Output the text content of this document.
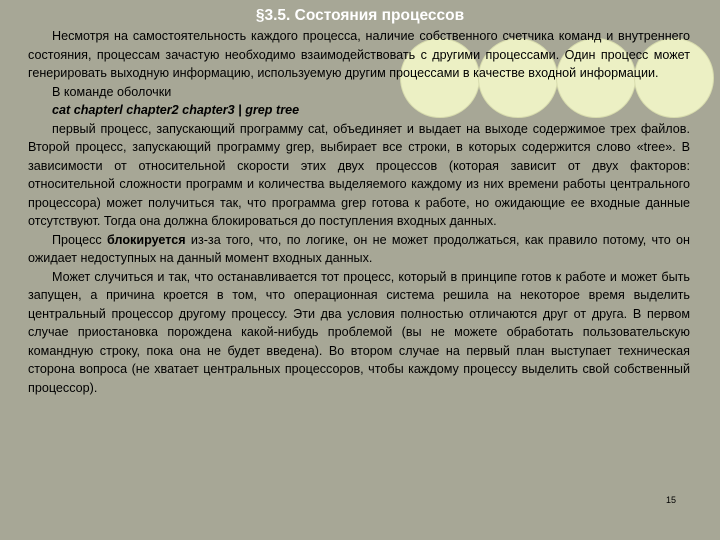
§3.5. Состояния процессов

Несмотря на самостоятельность каждого процесса, наличие собственного счетчика команд и внутреннего состояния, процессам зачастую необходимо взаимодействовать с другими процессами. Один процесс может генерировать выходную информацию, используемую другим процессами в качестве входной информации.

В команде оболочки

cat chapterl chapter2 chapter3 | grep tree

первый процесс, запускающий программу cat, объединяет и выдает на выходе содержимое трех файлов. Второй процесс, запускающий программу grep, выбирает все строки, в которых содержится слово «tree». В зависимости от относительной скорости этих двух процессов (которая зависит от двух факторов: относительной сложности программ и количества выделяемого каждому из них времени работы центрального процессора) может получиться так, что программа grep готова к работе, но ожидающие ее входные данные отсутствуют. Тогда она должна блокироваться до поступления входных данных.

Процесс блокируется из-за того, что, по логике, он не может продолжаться, как правило потому, что он ожидает недоступных на данный момент входных данных.

Может случиться и так, что останавливается тот процесс, который в принципе готов к работе и может быть запущен, а причина кроется в том, что операционная система решила на некоторое время выделить центральный процессор другому процессу. Эти два условия полностью отличаются друг от друга. В первом случае приостановка порождена какой-нибудь проблемой (вы не можете обработать пользовательскую командную строку, пока она не будет введена). Во втором случае на первый план выступает техническая сторона вопроса (не хватает центральных процессоров, чтобы каждому процессу выделить свой собственный процессор).

15
